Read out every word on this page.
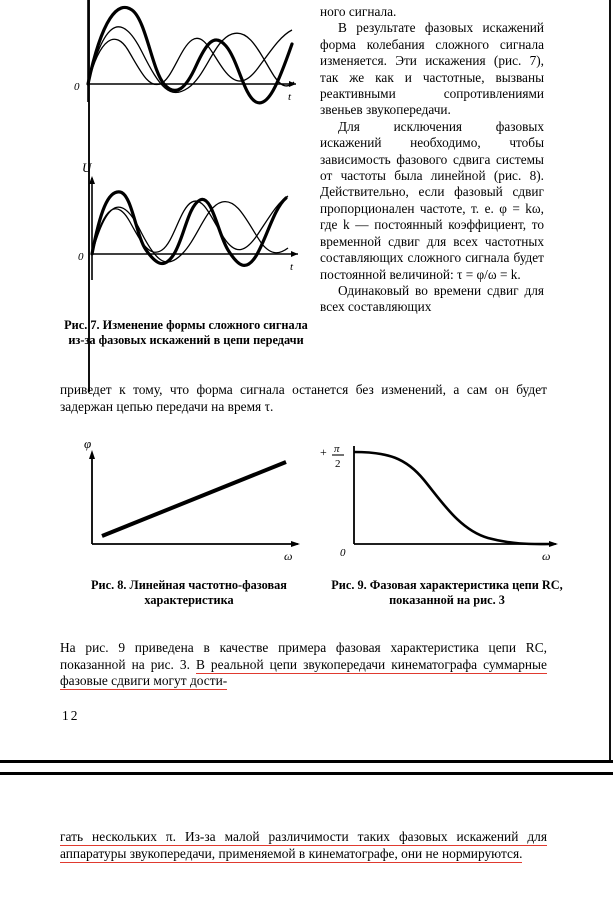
0
t
U
0
t

ного сигнала.

В результате фазовых искажений форма колебания сложного сигнала изменяется. Эти искажения (рис. 7), так же как и частотные, вызваны реактивными сопротивлениями звеньев звукопередачи.

Для исключения фазовых искажений необходимо, чтобы зависимость фазового сдвига системы от частоты была линейной (рис. 8). Действительно, если фазовый сдвиг пропорционален частоте, т. е. φ = kω, где k — постоянный коэффициент, то временной сдвиг для всех частотных составляющих сложного сигнала будет постоянной величиной: τ = φ/ω = k.

Одинаковый во времени сдвиг для всех составляющих

Рис. 7. Изменение формы сложного сигнала из-за фазовых искажений в цепи передачи
приведет к тому, что форма сигнала останется без изменений, а сам он будет задержан цепью передачи на время τ.
φ
ω
+ π
2
0	ω
Рис. 8. Линейная частотно-фазовая характеристика
Рис. 9. Фазовая характеристика цепи RC, показанной на рис. 3
На рис. 9 приведена в качестве примера фазовая характеристика цепи RC, показанной на рис. 3. В реальной цепи звукопередачи кинематографа суммарные фазовые сдвиги могут дости-
12
гать нескольких π. Из-за малой различимости таких фазовых искажений для аппаратуры звукопередачи, применяемой в кинематографе, они не нормируются.
